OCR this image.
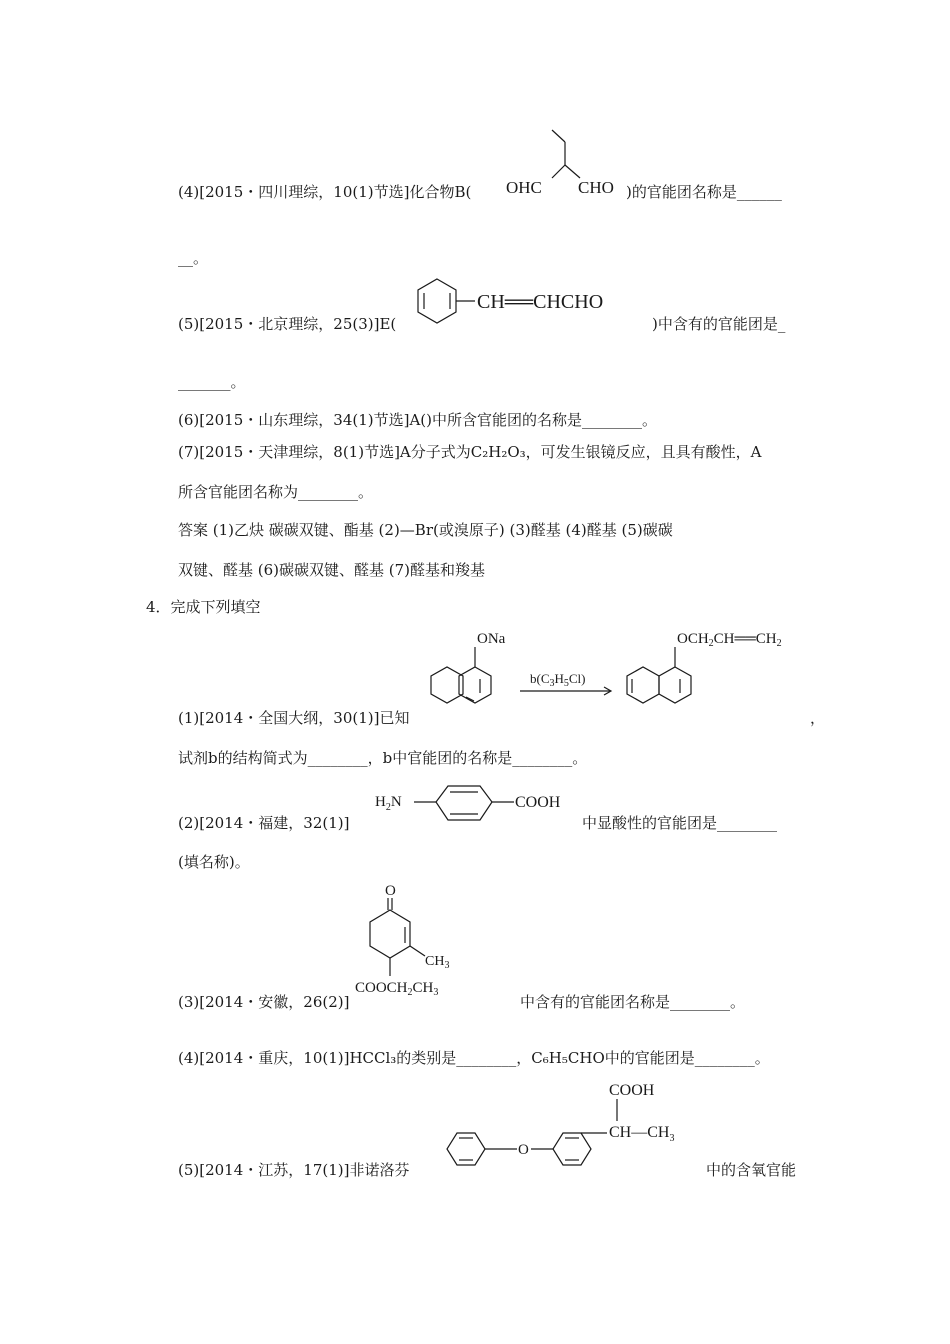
(4)[2015・四川理综，10(1)节选]化合物B( OHC CHO )的官能团名称是______
__。
(5)[2015・北京理综，25(3)]E(
CH══CHCHO
)中含有的官能团是_
_______。
(6)[2015・山东理综，34(1)节选]A()中所含官能团的名称是________。
(7)[2015・天津理综，8(1)节选]A分子式为C₂H₂O₃，可发生银镜反应，且具有酸性，A
所含官能团名称为________。
答案 (1)乙炔 碳碳双键、酯基 (2)—Br(或溴原子) (3)醛基 (4)醛基 (5)碳碳
双键、醛基 (6)碳碳双键、醛基 (7)醛基和羧基
4．完成下列填空
(1)[2014・全国大纲，30(1)]已知
ONa
$b(C_3H_5Cl)$
$OCH_2CH══CH_2$
，
试剂b的结构简式为________，b中官能团的名称是________。
(2)[2014・福建，32(1)]
$H_2N$	COOH
中显酸性的官能团是________
(填名称)。
(3)[2014・安徽，26(2)]
O
$CH_3$
$COOCH_2CH_3$
中含有的官能团名称是________。
(4)[2014・重庆，10(1)]HCCl₃的类别是________，C₆H₅CHO中的官能团是________。
(5)[2014・江苏，17(1)]非诺洛芬
O
$CH—CH_3$
COOH
中的含氧官能
